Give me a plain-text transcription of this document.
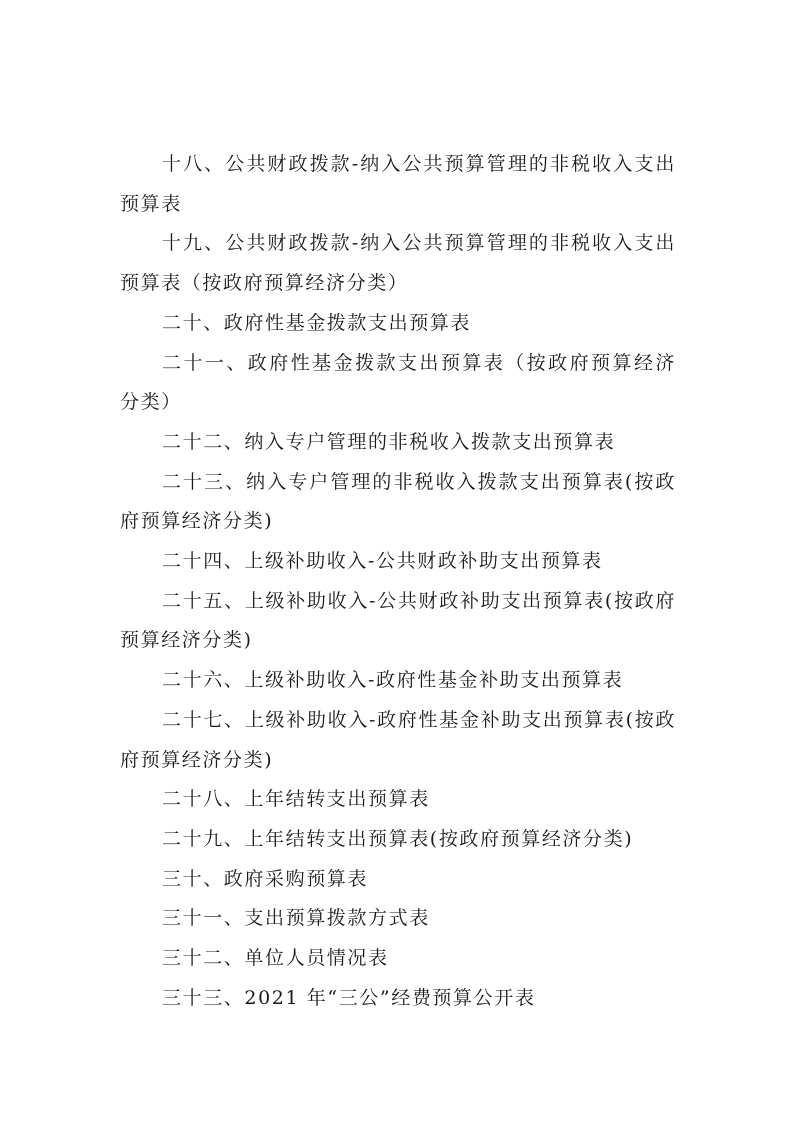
十八、公共财政拨款-纳入公共预算管理的非税收入支出预算表
十九、公共财政拨款-纳入公共预算管理的非税收入支出预算表（按政府预算经济分类）
二十、政府性基金拨款支出预算表
二十一、政府性基金拨款支出预算表（按政府预算经济分类）
二十二、纳入专户管理的非税收入拨款支出预算表
二十三、纳入专户管理的非税收入拨款支出预算表(按政府预算经济分类)
二十四、上级补助收入-公共财政补助支出预算表
二十五、上级补助收入-公共财政补助支出预算表(按政府预算经济分类)
二十六、上级补助收入-政府性基金补助支出预算表
二十七、上级补助收入-政府性基金补助支出预算表(按政府预算经济分类)
二十八、上年结转支出预算表
二十九、上年结转支出预算表(按政府预算经济分类)
三十、政府采购预算表
三十一、支出预算拨款方式表
三十二、单位人员情况表
三十三、2021 年“三公”经费预算公开表
